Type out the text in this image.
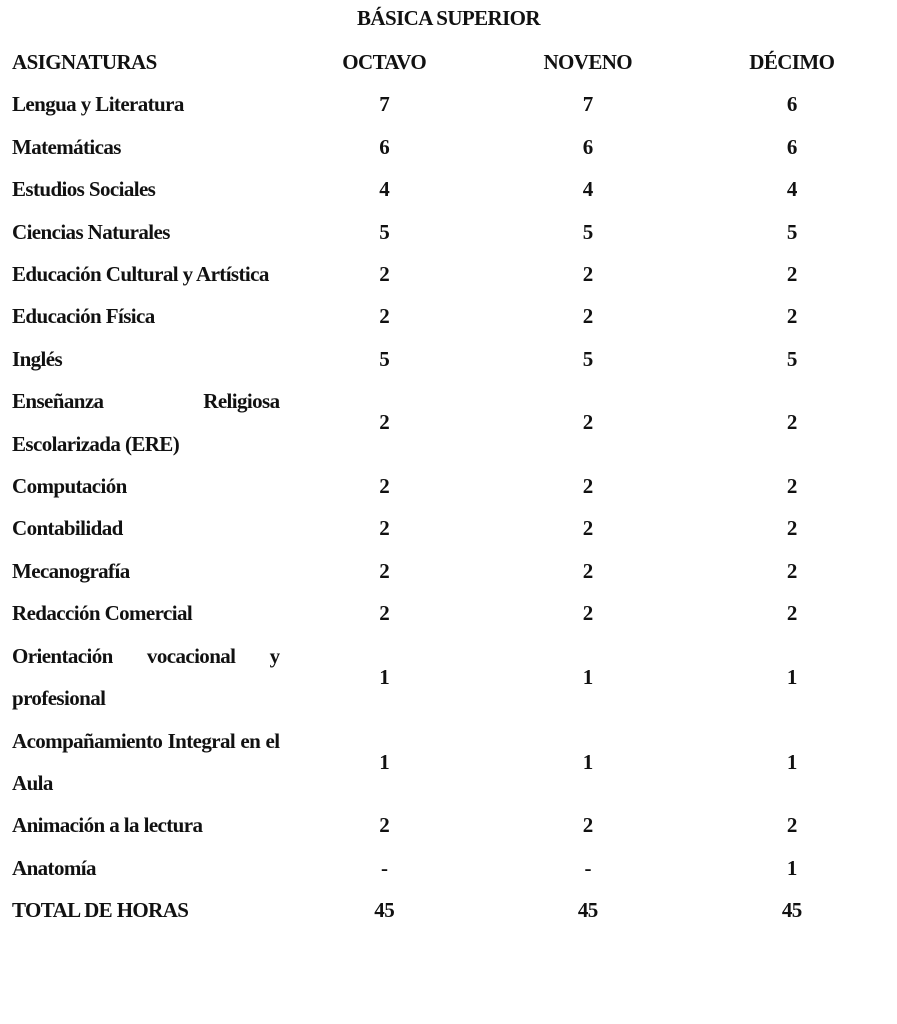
BÁSICA SUPERIOR
ASIGNATURAS	OCTAVO	NOVENO	DÉCIMO
Lengua y Literatura	7	7	6
Matemáticas	6	6	6
Estudios Sociales	4	4	4
Ciencias Naturales	5	5	5
Educación Cultural y Artística	2	2	2
Educación Física	2	2	2
Inglés	5	5	5
Enseñanza Religiosa Escolarizada (ERE)	2	2	2
Computación	2	2	2
Contabilidad	2	2	2
Mecanografía	2	2	2
Redacción Comercial	2	2	2
Orientación vocacional y profesional	1	1	1
Acompañamiento Integral en el Aula	1	1	1
Animación a la lectura	2	2	2
Anatomía	-	-	1
TOTAL DE HORAS	45	45	45
